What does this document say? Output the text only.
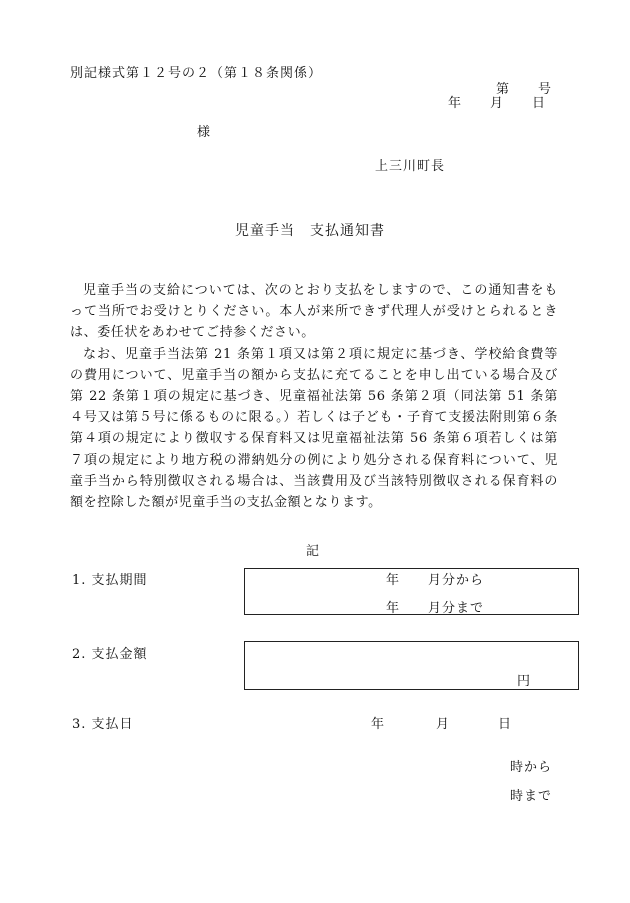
別記様式第１２号の２（第１８条関係）
第　　号
年　　月　　日
様
上三川町長
児童手当　支払通知書

児童手当の支給については、次のとおり支払をしますので、この通知書をもって当所でお受けとりください。本人が来所できず代理人が受けとられるときは、委任状をあわせてご持参ください。

なお、児童手当法第 21 条第１項又は第２項に規定に基づき、学校給食費等の費用について、児童手当の額から支払に充てることを申し出ている場合及び第 22 条第１項の規定に基づき、児童福祉法第 56 条第２項（同法第 51 条第４号又は第５号に係るものに限る。）若しくは子ども・子育て支援法附則第６条第４項の規定により徴収する保育料又は児童福祉法第 56 条第６項若しくは第７項の規定により地方税の滞納処分の例により処分される保育料について、児童手当から特別徴収される場合は、当該費用及び当該特別徴収される保育料の額を控除した額が児童手当の支払金額となります。

記
1. 支払期間	年　　月分から
年　　月分まで
2. 支払金額
円
3. 支払日	年	月	日
時から
時まで
